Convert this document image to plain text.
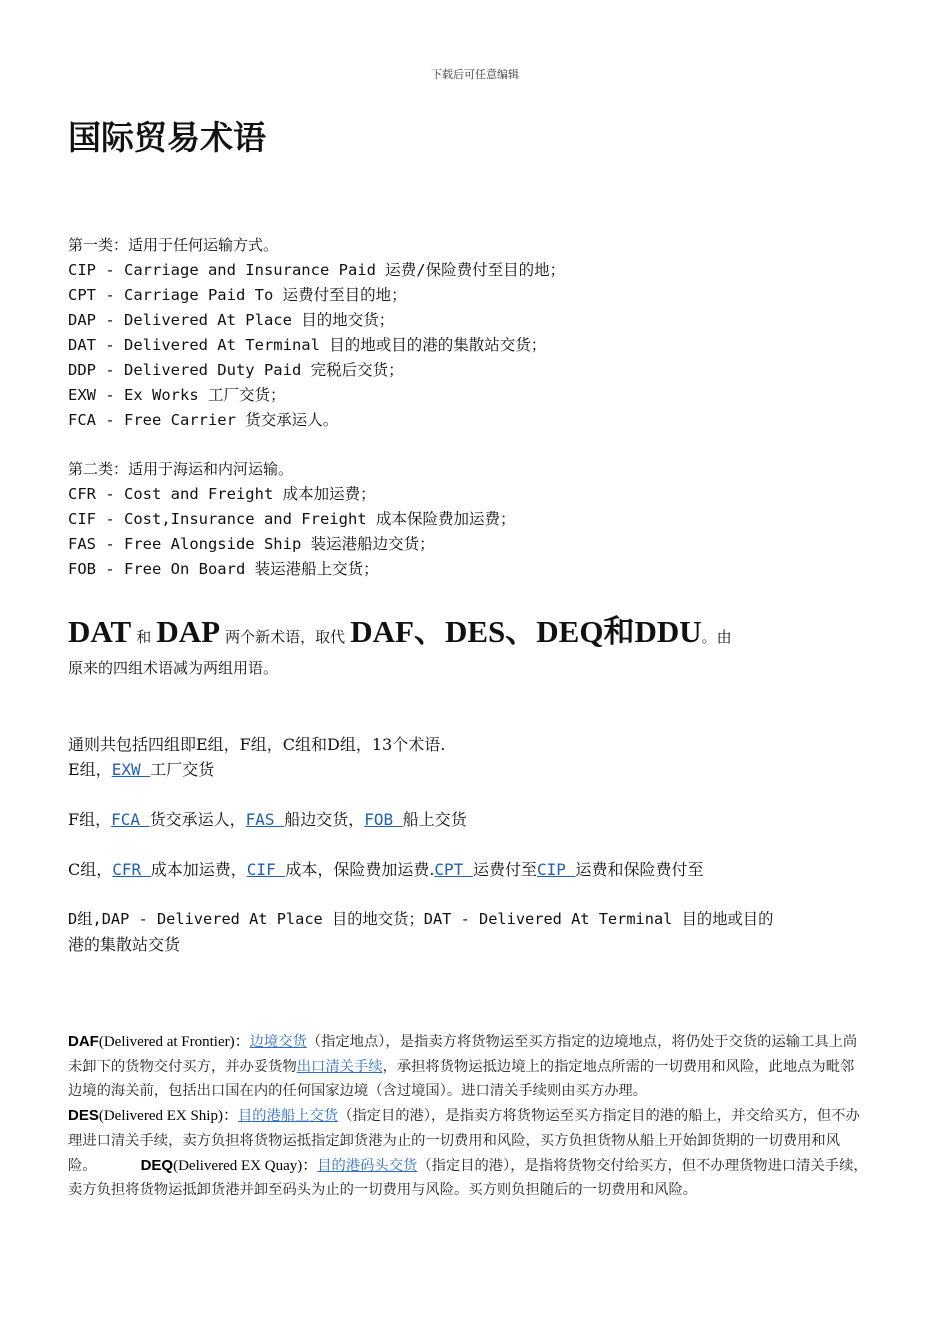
下载后可任意编辑
国际贸易术语
第一类：适用于任何运输方式。
CIP - Carriage and Insurance Paid 运费/保险费付至目的地；
CPT - Carriage Paid To 运费付至目的地；
DAP - Delivered At Place 目的地交货；
DAT - Delivered At Terminal 目的地或目的港的集散站交货；
DDP - Delivered Duty Paid 完税后交货；
EXW - Ex Works 工厂交货；
FCA - Free Carrier 货交承运人。
第二类：适用于海运和内河运输。
CFR - Cost and Freight 成本加运费；
CIF - Cost,Insurance and Freight 成本保险费加运费；
FAS - Free Alongside Ship 装运港船边交货；
FOB - Free On Board 装运港船上交货；
DAT 和 DAP 两个新术语，取代 DAF、DES、DEQ和DDU。由
原来的四组术语减为两组用语。
通则共包括四组即E组，F组，C组和D组，13个术语.
E组，EXW 工厂交货
F组，FCA 货交承运人，FAS 船边交货，FOB 船上交货
C组，CFR 成本加运费，CIF 成本，保险费加运费.CPT 运费付至CIP 运费和保险费付至
D组,DAP - Delivered At Place 目的地交货；DAT - Delivered At Terminal 目的地或目的
港的集散站交货
DAF(Delivered at Frontier)：边境交货（指定地点），是指卖方将货物运至买方指定的边境地点，将仍处于交货的运输工具上尚未卸下的货物交付买方，并办妥货物出口清关手续，承担将货物运抵边境上的指定地点所需的一切费用和风险，此地点为毗邻边境的海关前，包括出口国在内的任何国家边境（含过境国）。进口清关手续则由买方办理。
DES(Delivered EX Ship)：目的港船上交货（指定目的港），是指卖方将货物运至买方指定目的港的船上，并交给买方，但不办理进口清关手续，卖方负担将货物运抵指定卸货港为止的一切费用和风险，买方负担货物从船上开始卸货期的一切费用和风险。	DEQ(Delivered EX Quay)：目的港码头交货（指定目的港），是指将货物交付给买方，但不办理货物进口清关手续，卖方负担将货物运抵卸货港并卸至码头为止的一切费用与风险。买方则负担随后的一切费用和风险。
